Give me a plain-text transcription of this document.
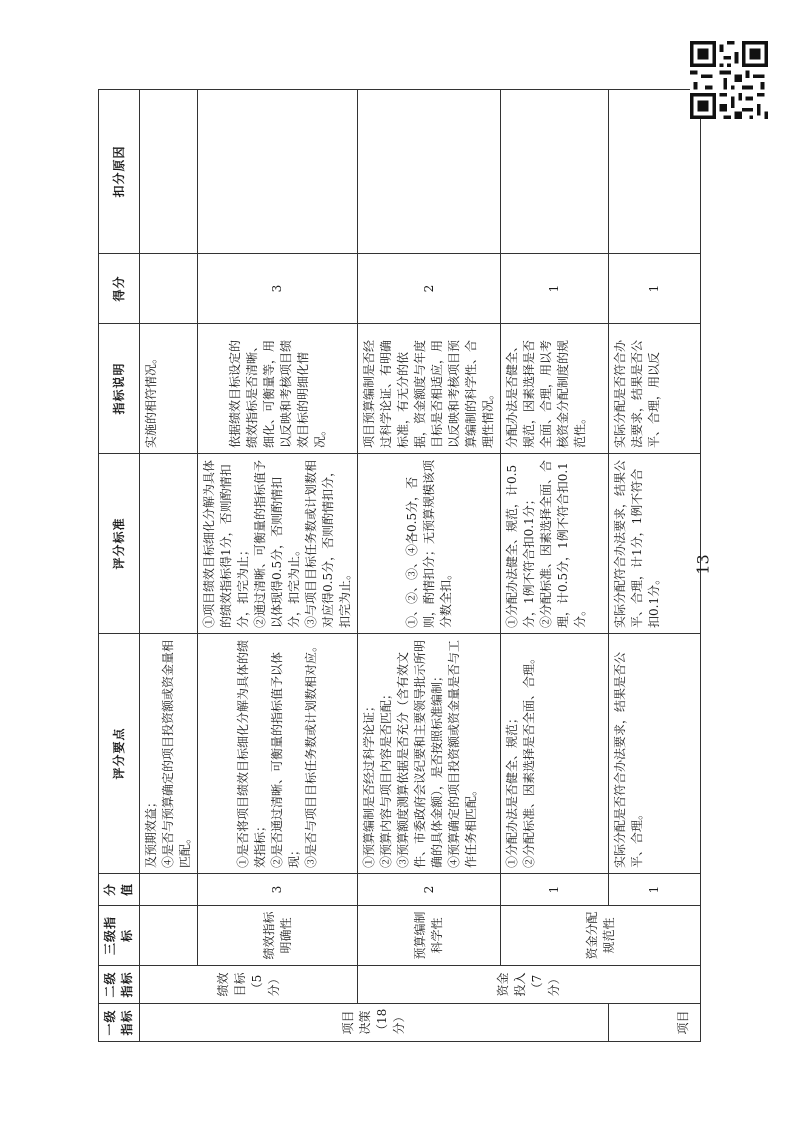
一级指标	二级指标	三级指标	分值	评分要点	评分标准	指标说明	得分	扣分原因
项目决策（18分）	绩效目标（5分）			及预期效益；
④是否与预算确定的项目投资额或资金量相匹配。		实施的相符情况。		
		绩效指标明确性	3	①是否将项目绩效目标细化分解为具体的绩效指标；
②是否通过清晰、可衡量的指标值予以体现；
③是否与项目目标任务数或计划数相对应。	①项目绩效目标细化分解为具体的绩效指标得1分，否则酌情扣分，扣完为止；
②通过清晰、可衡量的指标值予以体现得0.5分，否则酌情扣分，扣完为止。
③与项目目标任务数或计划数相对应得0.5分，否则酌情扣分，扣完为止。	依据绩效目标设定的绩效指标是否清晰、细化、可衡量等，用以反映和考核项目绩效目标的明细化情况。	3	
	资金投入（7分）	预算编制科学性	2	①预算编制是否经过科学论证；
②预算内容与项目内容是否匹配；
③预算额度测算依据是否充分（含有效文件、市委政府会议纪要和主要领导批示所明确的具体金额），是否按照标准编制；
④预算确定的项目投资额或资金量是否与工作任务相匹配。	①、②、③、④各0.5分，否则，酌情扣分；无预算规模该项分数全扣。	项目预算编制是否经过科学论证、有明确标准，有无分的依据，资金额度与年度目标是否相适应，用以反映和考核项目预算编制的科学性、合理性情况。	2	
		资金分配规范性	1	①分配办法是否健全、规范；
②分配标准、因素选择是否全面、合理。	①分配办法健全、规范，计0.5分，1例不符合扣0.1分；
②分配标准、因素选择全面、合理，计0.5分，1例不符合扣0.1分。	分配办法是否健全、规范，因素选择是否全面、合理，用以考核资金分配制度的规范性。	1	
项目			1	实际分配是否符合办法要求，结果是否公平、合理。	实际分配符合办法要求，结果公平、合理，计1分，1例不符合扣0.1分。	实际分配是否符合办法要求，结果是否公平、合理，用以反	1	
13
